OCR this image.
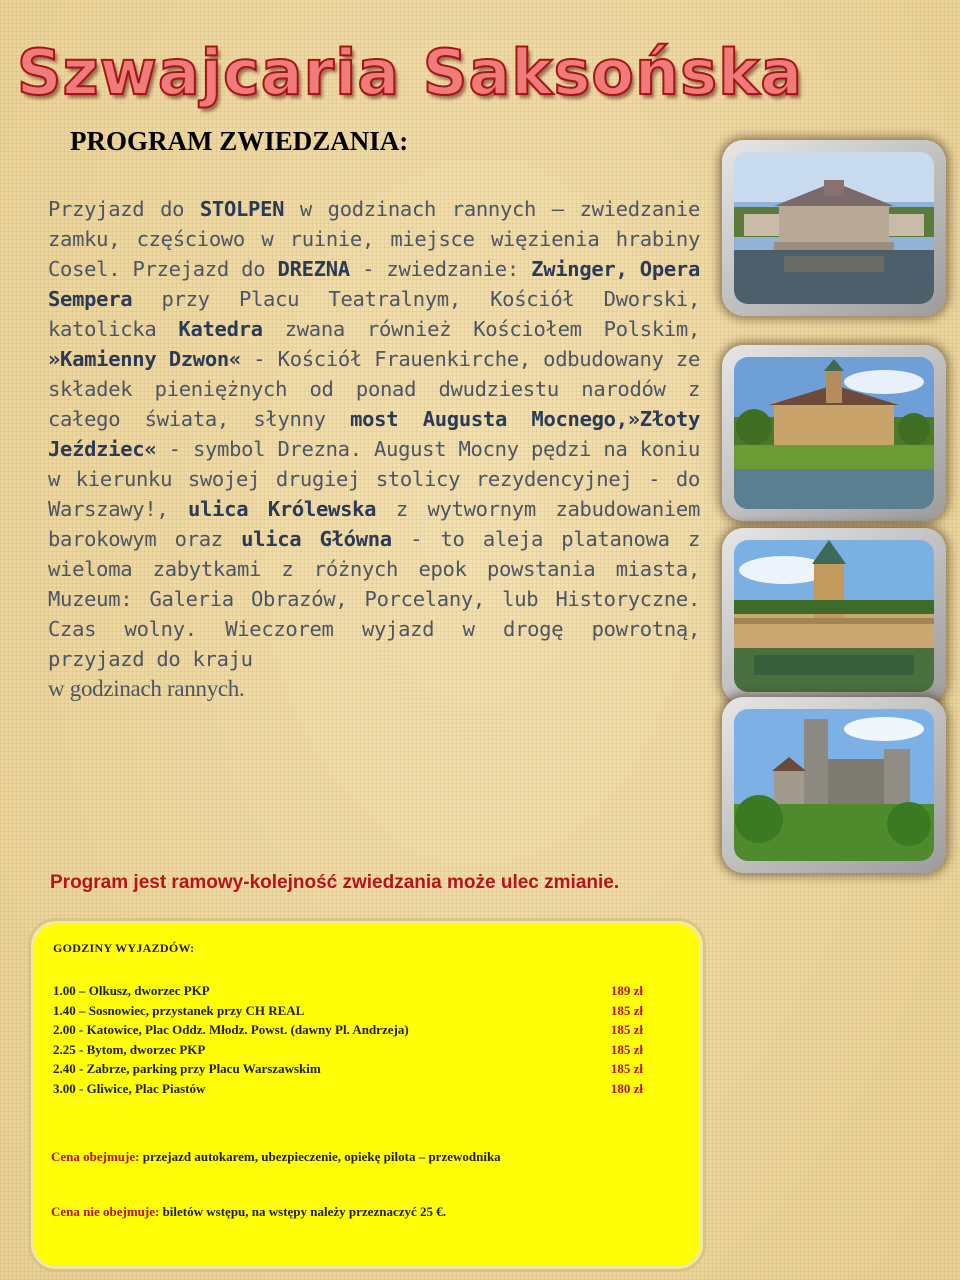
Szwajcaria Saksońska
PROGRAM ZWIEDZANIA:
Przyjazd do STOLPEN w godzinach rannych – zwiedzanie zamku, częściowo w ruinie, miejsce więzienia hrabiny Cosel. Przejazd do DREZNA - zwiedzanie: Zwinger, Opera Sempera przy Placu Teatralnym, Kościół Dworski, katolicka Katedra zwana również Kościołem Polskim, »Kamienny Dzwon« - Kościół Frauenkirche, odbudowany ze składek pieniężnych od ponad dwudziestu narodów z całego świata, słynny most Augusta Mocnego,»Złoty Jeździec« - symbol Drezna. August Mocny pędzi na koniu w kierunku swojej drugiej stolicy rezydencyjnej - do Warszawy!, ulica Królewska z wytwornym zabudowaniem barokowym oraz ulica Główna - to aleja platanowa z wieloma zabytkami z różnych epok powstania miasta, Muzeum: Galeria Obrazów, Porcelany, lub Historyczne. Czas wolny. Wieczorem wyjazd w drogę powrotną, przyjazd do kraju
w godzinach rannych.
Program jest ramowy-kolejność zwiedzania może ulec zmianie.
GODZINY WYJAZDÓW:
1.00 – Olkusz, dworzec PKP	189 zł
1.40 – Sosnowiec, przystanek przy CH REAL	185 zł
2.00 - Katowice, Plac Oddz. Młodz. Powst. (dawny Pl. Andrzeja)	185 zł
2.25 - Bytom, dworzec PKP	185 zł
2.40 - Zabrze, parking przy Placu Warszawskim	185 zł
3.00 - Gliwice, Plac Piastów	180 zł
Cena obejmuje: przejazd autokarem, ubezpieczenie, opiekę pilota – przewodnika
Cena nie obejmuje: biletów wstępu, na wstępy należy przeznaczyć 25 €.
